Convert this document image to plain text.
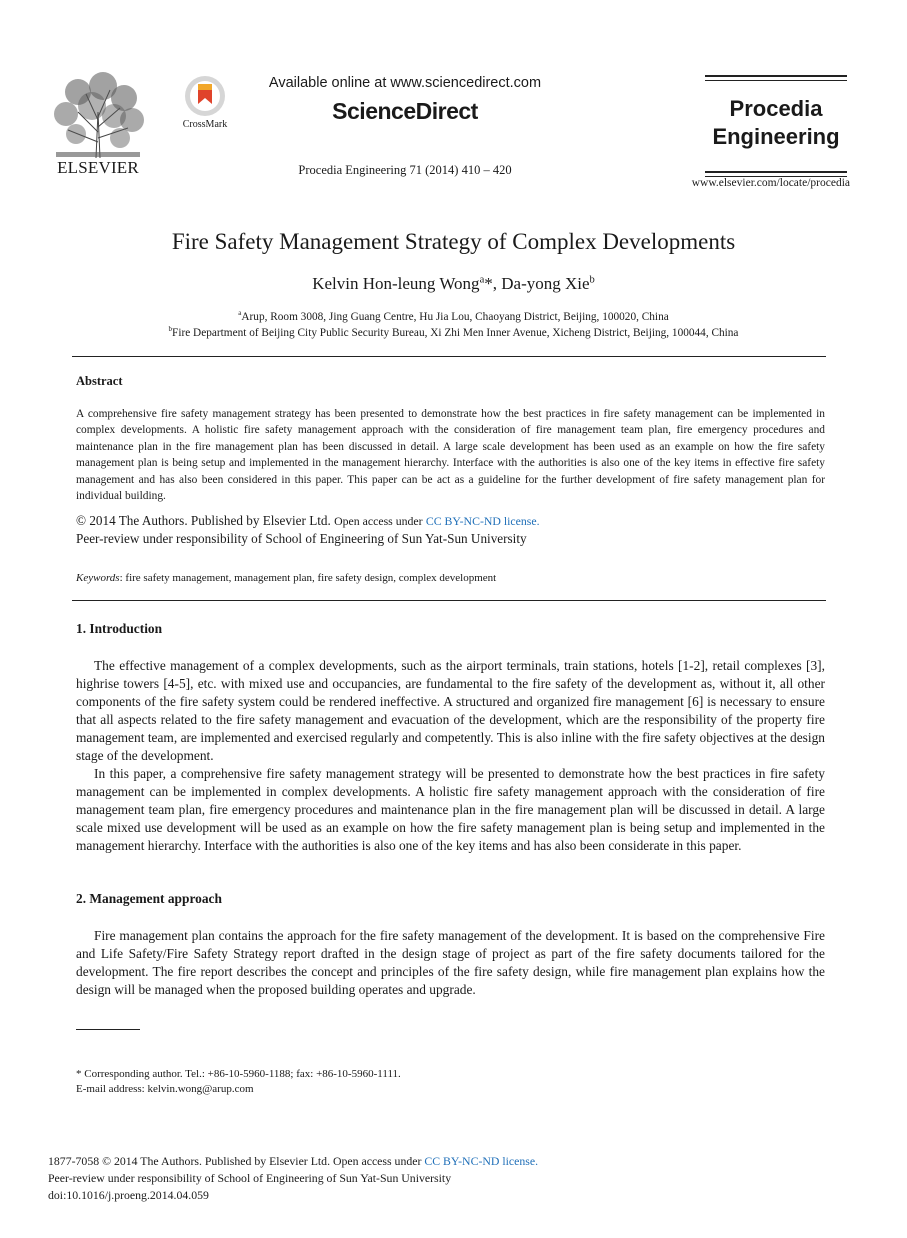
ELSEVIER
CrossMark
Available online at www.sciencedirect.com
ScienceDirect
Procedia Engineering 71 (2014) 410 – 420
Procedia
Engineering
www.elsevier.com/locate/procedia
Fire Safety Management Strategy of Complex Developments
Kelvin Hon-leung Wong$^a$*, Da-yong Xie$^b$
$^a$Arup, Room 3008, Jing Guang Centre, Hu Jia Lou, Chaoyang District, Beijing, 100020, China
$^b$Fire Department of Beijing City Public Security Bureau, Xi Zhi Men Inner Avenue, Xicheng District, Beijing, 100044, China
Abstract
A comprehensive fire safety management strategy has been presented to demonstrate how the best practices in fire safety management can be implemented in complex developments. A holistic fire safety management approach with the consideration of fire management team plan, fire emergency procedures and maintenance plan in the fire management plan has been discussed in detail. A large scale development has been used as an example on how the fire safety management plan is being setup and implemented in the management hierarchy. Interface with the authorities is also one of the key items in effective fire safety management and has also been considered in this paper. This paper can be act as a guideline for the further development of fire safety management plan for individual building.
© 2014 The Authors. Published by Elsevier Ltd. Open access under CC BY-NC-ND license.
Peer-review under responsibility of School of Engineering of Sun Yat-Sun University
Keywords: fire safety management, management plan, fire safety design, complex development
1. Introduction

The effective management of a complex developments, such as the airport terminals, train stations, hotels [1-2], retail complexes [3], highrise towers [4-5], etc. with mixed use and occupancies, are fundamental to the fire safety of the development as, without it, all other components of the fire safety system could be rendered ineffective. A structured and organized fire management [6] is necessary to ensure that all aspects related to the fire safety management and evacuation of the development, which are the responsibility of the property fire management team, are implemented and exercised regularly and competently. This is also inline with the fire safety objectives at the design stage of the development.

In this paper, a comprehensive fire safety management strategy will be presented to demonstrate how the best practices in fire safety management can be implemented in complex developments. A holistic fire safety management approach with the consideration of fire management team plan, fire emergency procedures and maintenance plan in the fire management plan will be discussed in detail. A large scale mixed use development will be used as an example on how the fire safety management plan is being setup and implemented in the management hierarchy. Interface with the authorities is also one of the key items and has also been considerate in this paper.

2. Management approach

Fire management plan contains the approach for the fire safety management of the development. It is based on the comprehensive Fire and Life Safety/Fire Safety Strategy report drafted in the design stage of project as part of the fire safety documents tailored for the development. The fire report describes the concept and principles of the fire safety design, while fire management plan explains how the design will be managed when the proposed building operates and upgrade.

* Corresponding author. Tel.: +86-10-5960-1188; fax: +86-10-5960-1111.
E-mail address: kelvin.wong@arup.com
1877-7058 © 2014 The Authors. Published by Elsevier Ltd. Open access under CC BY-NC-ND license.
Peer-review under responsibility of School of Engineering of Sun Yat-Sun University
doi:10.1016/j.proeng.2014.04.059
